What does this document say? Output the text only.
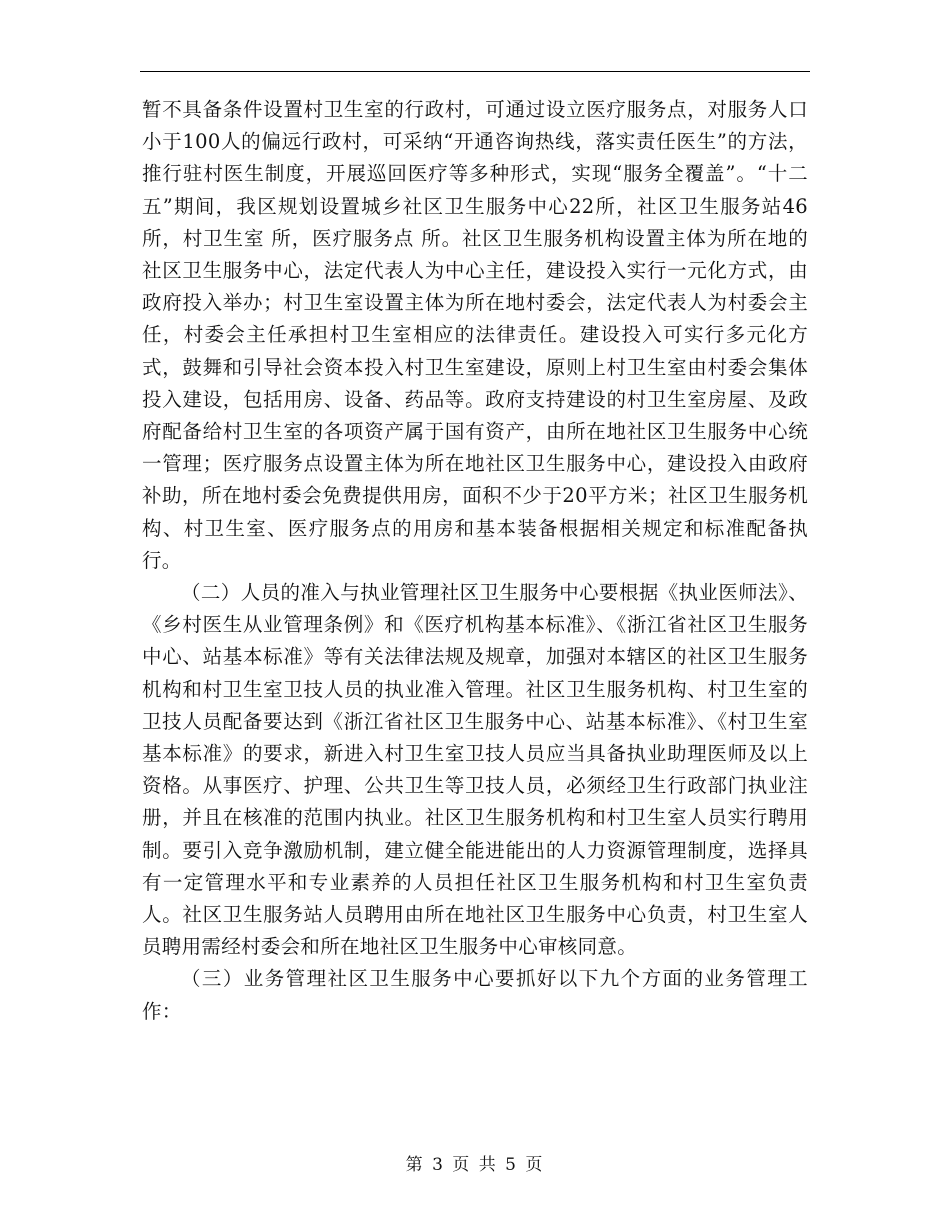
暂不具备条件设置村卫生室的行政村，可通过设立医疗服务点，对服务人口小于100人的偏远行政村，可采纳“开通咨询热线，落实责任医生”的方法，推行驻村医生制度，开展巡回医疗等多种形式，实现“服务全覆盖”。“十二五”期间，我区规划设置城乡社区卫生服务中心22所，社区卫生服务站46所，村卫生室 所，医疗服务点 所。社区卫生服务机构设置主体为所在地的社区卫生服务中心，法定代表人为中心主任，建设投入实行一元化方式，由政府投入举办；村卫生室设置主体为所在地村委会，法定代表人为村委会主任，村委会主任承担村卫生室相应的法律责任。建设投入可实行多元化方式，鼓舞和引导社会资本投入村卫生室建设，原则上村卫生室由村委会集体投入建设，包括用房、设备、药品等。政府支持建设的村卫生室房屋、及政府配备给村卫生室的各项资产属于国有资产，由所在地社区卫生服务中心统一管理；医疗服务点设置主体为所在地社区卫生服务中心，建设投入由政府补助，所在地村委会免费提供用房，面积不少于20平方米；社区卫生服务机构、村卫生室、医疗服务点的用房和基本装备根据相关规定和标准配备执行。

（二）人员的准入与执业管理社区卫生服务中心要根据《执业医师法》、《乡村医生从业管理条例》和《医疗机构基本标准》、《浙江省社区卫生服务中心、站基本标准》等有关法律法规及规章，加强对本辖区的社区卫生服务机构和村卫生室卫技人员的执业准入管理。社区卫生服务机构、村卫生室的卫技人员配备要达到《浙江省社区卫生服务中心、站基本标准》、《村卫生室基本标准》的要求，新进入村卫生室卫技人员应当具备执业助理医师及以上资格。从事医疗、护理、公共卫生等卫技人员，必须经卫生行政部门执业注册，并且在核准的范围内执业。社区卫生服务机构和村卫生室人员实行聘用制。要引入竞争激励机制，建立健全能进能出的人力资源管理制度，选择具有一定管理水平和专业素养的人员担任社区卫生服务机构和村卫生室负责人。社区卫生服务站人员聘用由所在地社区卫生服务中心负责，村卫生室人员聘用需经村委会和所在地社区卫生服务中心审核同意。

（三）业务管理社区卫生服务中心要抓好以下九个方面的业务管理工作：

第 3 页 共 5 页
